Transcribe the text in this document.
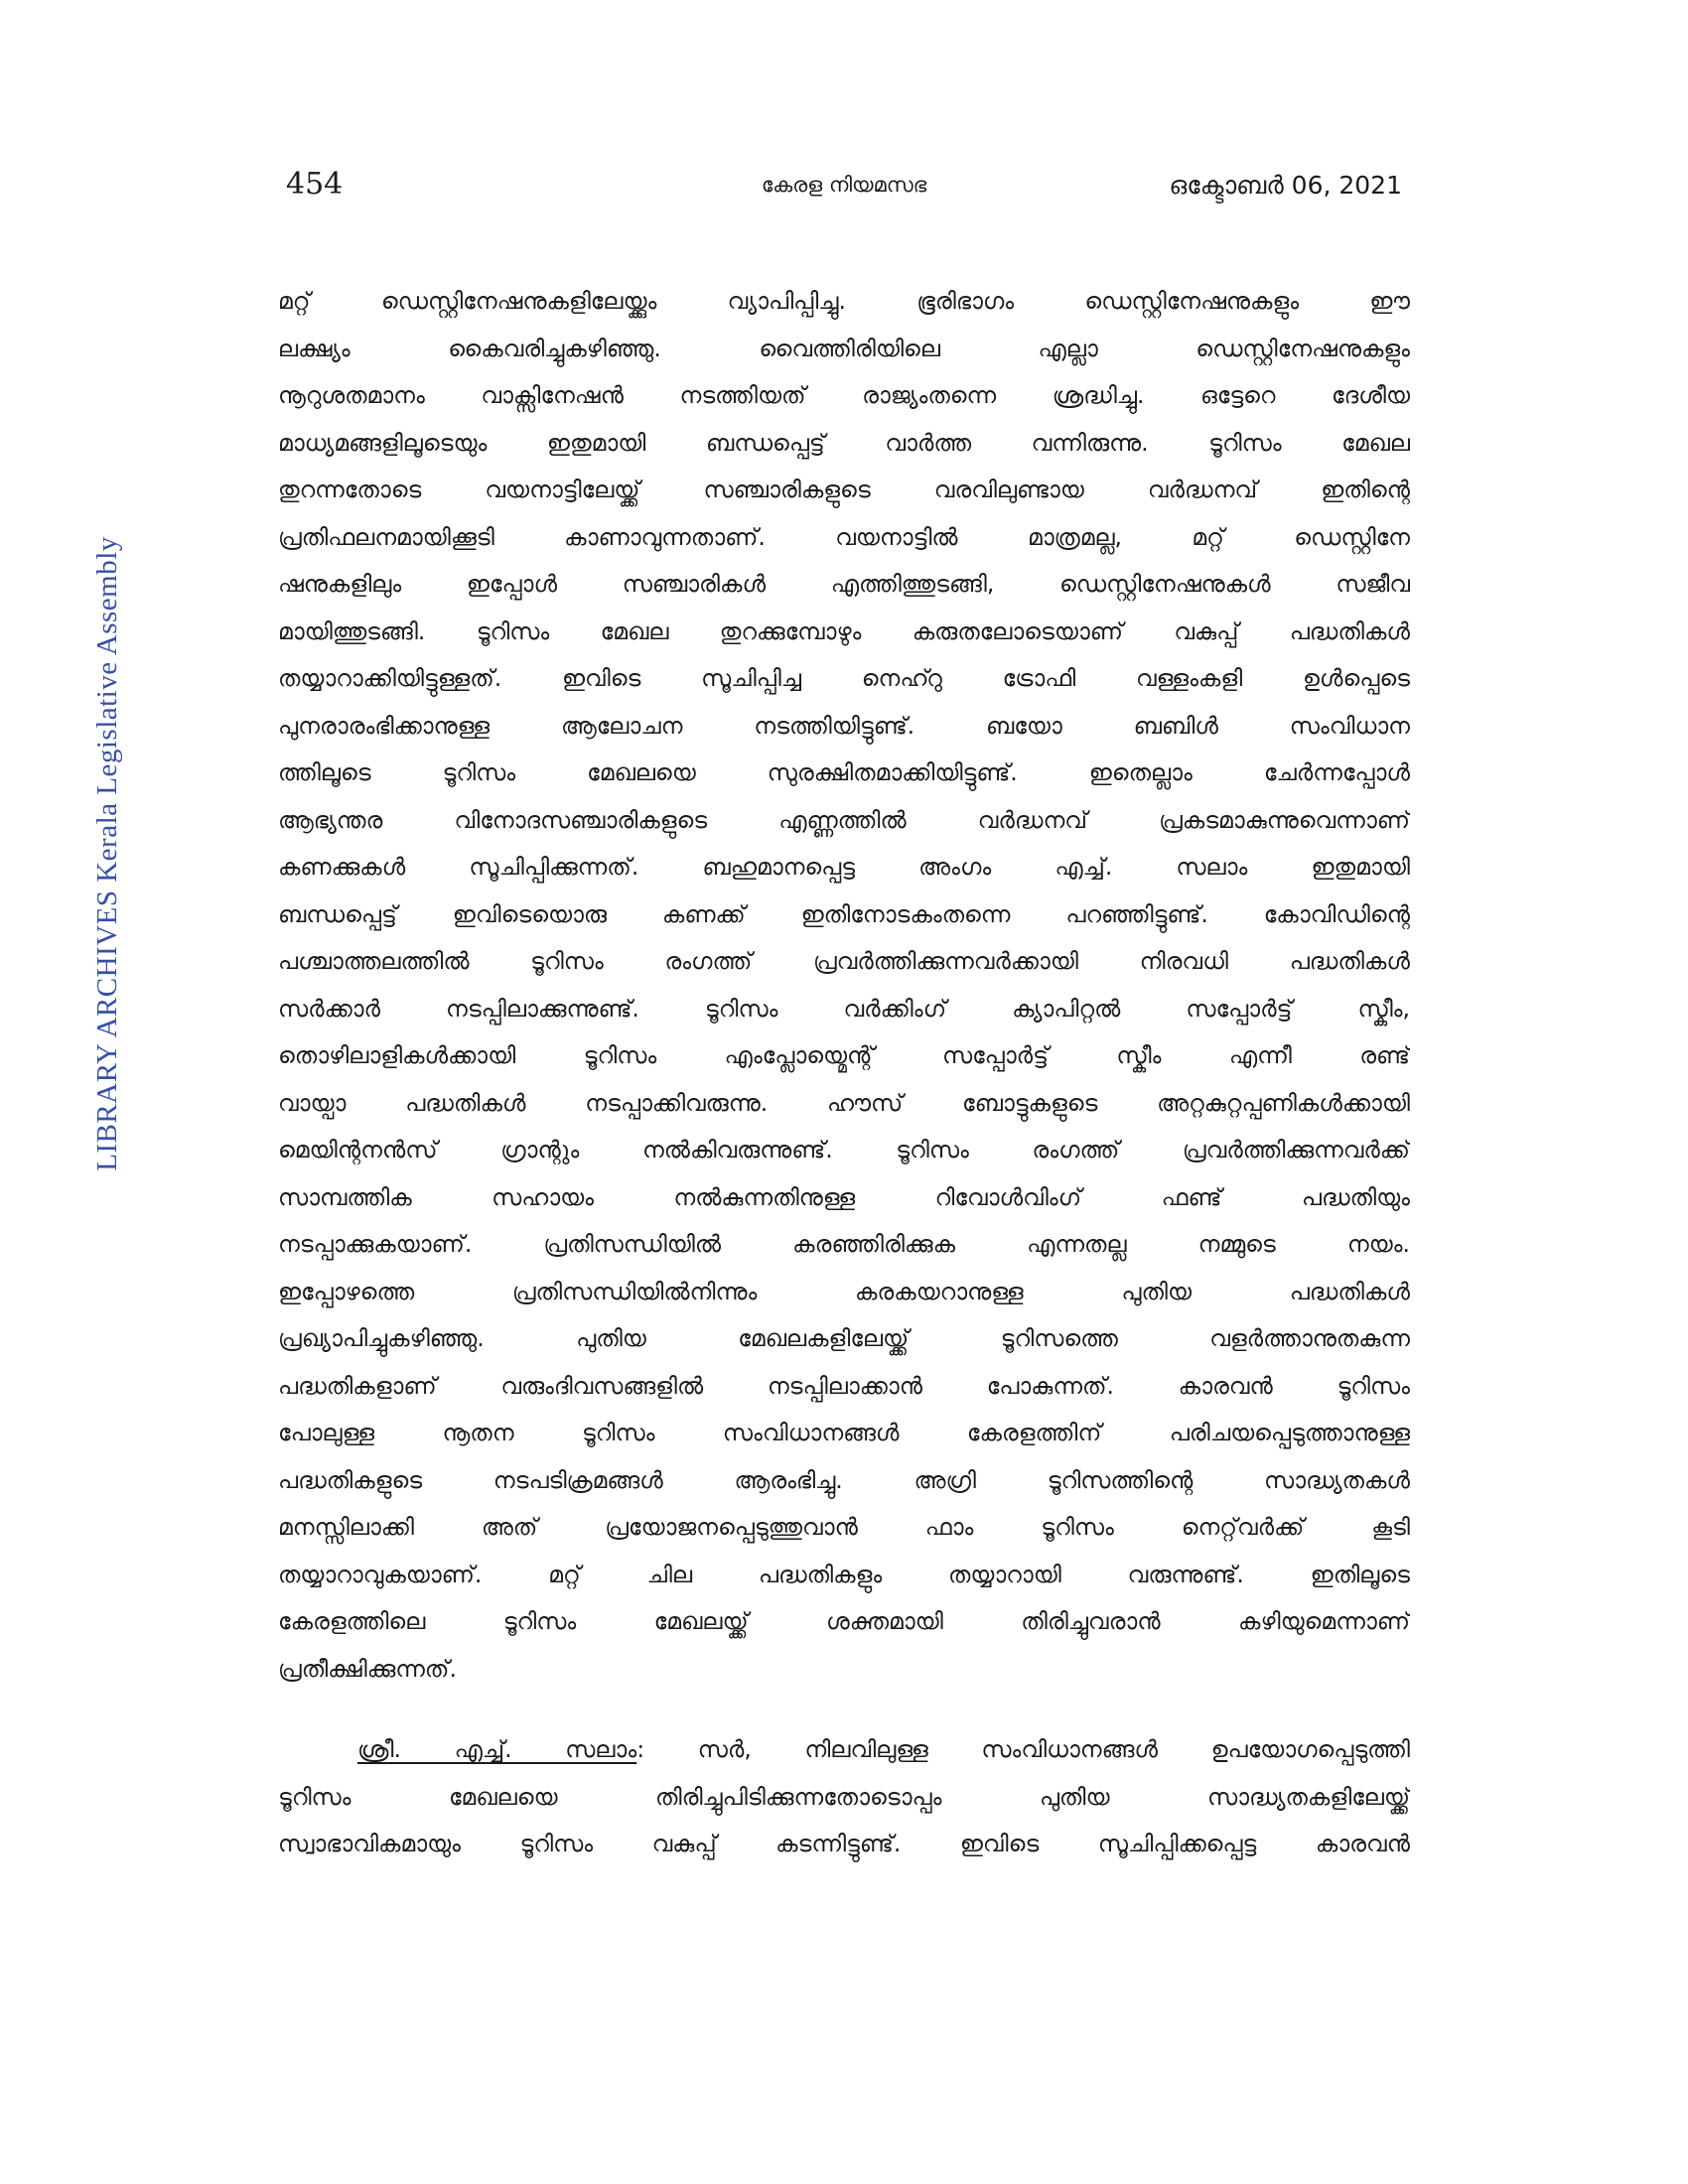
454	കേരള നിയമസഭ	ഒക്ടോബർ 06, 2021
LIBRARY ARCHIVES Kerala Legislative Assembly
മറ്റ് ഡെസ്റ്റിനേഷനുകളിലേയ്ക്കും വ്യാപിപ്പിച്ചു. ഭൂരിഭാഗം ഡെസ്റ്റിനേഷനുകളും ഈ
ലക്ഷ്യം കൈവരിച്ചുകഴിഞ്ഞു. വൈത്തിരിയിലെ എല്ലാ ഡെസ്റ്റിനേഷനുകളും
നൂറുശതമാനം വാക്സിനേഷൻ നടത്തിയത് രാജ്യംതന്നെ ശ്രദ്ധിച്ചു. ഒട്ടേറെ ദേശീയ
മാധ്യമങ്ങളിലൂടെയും ഇതുമായി ബന്ധപ്പെട്ട് വാർത്ത വന്നിരുന്നു. ടൂറിസം മേഖല
തുറന്നതോടെ വയനാട്ടിലേയ്ക്ക് സഞ്ചാരികളുടെ വരവിലുണ്ടായ വർദ്ധനവ് ഇതിന്റെ
പ്രതിഫലനമായിക്കൂടി കാണാവുന്നതാണ്. വയനാട്ടിൽ മാത്രമല്ല, മറ്റ് ഡെസ്റ്റിനേ
ഷനുകളിലും ഇപ്പോൾ സഞ്ചാരികൾ എത്തിത്തുടങ്ങി, ഡെസ്റ്റിനേഷനുകൾ സജീവ
മായിത്തുടങ്ങി. ടൂറിസം മേഖല തുറക്കുമ്പോഴും കരുതലോടെയാണ് വകുപ്പ് പദ്ധതികൾ
തയ്യാറാക്കിയിട്ടുള്ളത്. ഇവിടെ സൂചിപ്പിച്ച നെഹ്റു ട്രോഫി വള്ളംകളി ഉൾപ്പെടെ
പുനരാരംഭിക്കാനുള്ള ആലോചന നടത്തിയിട്ടുണ്ട്. ബയോ ബബിൾ സംവിധാന
ത്തിലൂടെ ടൂറിസം മേഖലയെ സുരക്ഷിതമാക്കിയിട്ടുണ്ട്. ഇതെല്ലാം ചേർന്നപ്പോൾ
ആഭ്യന്തര വിനോദസഞ്ചാരികളുടെ എണ്ണത്തിൽ വർദ്ധനവ് പ്രകടമാകുന്നുവെന്നാണ്
കണക്കുകൾ സൂചിപ്പിക്കുന്നത്. ബഹുമാനപ്പെട്ട അംഗം എച്ച്. സലാം ഇതുമായി
ബന്ധപ്പെട്ട് ഇവിടെയൊരു കണക്ക് ഇതിനോടകംതന്നെ പറഞ്ഞിട്ടുണ്ട്. കോവിഡിന്റെ
പശ്ചാത്തലത്തിൽ ടൂറിസം രംഗത്ത് പ്രവർത്തിക്കുന്നവർക്കായി നിരവധി പദ്ധതികൾ
സർക്കാർ നടപ്പിലാക്കുന്നുണ്ട്. ടൂറിസം വർക്കിംഗ് ക്യാപിറ്റൽ സപ്പോർട്ട് സ്കീം,
തൊഴിലാളികൾക്കായി ടൂറിസം എംപ്ലോയ്മെന്റ് സപ്പോർട്ട് സ്കീം എന്നീ രണ്ട്
വായ്പാ പദ്ധതികൾ നടപ്പാക്കിവരുന്നു. ഹൗസ് ബോട്ടുകളുടെ അറ്റകുറ്റപ്പണികൾക്കായി
മെയിന്റനൻസ് ഗ്രാന്റും നൽകിവരുന്നുണ്ട്. ടൂറിസം രംഗത്ത് പ്രവർത്തിക്കുന്നവർക്ക്
സാമ്പത്തിക സഹായം നൽകുന്നതിനുള്ള റിവോൾവിംഗ് ഫണ്ട് പദ്ധതിയും
നടപ്പാക്കുകയാണ്. പ്രതിസന്ധിയിൽ കരഞ്ഞിരിക്കുക എന്നതല്ല നമ്മുടെ നയം.
ഇപ്പോഴത്തെ പ്രതിസന്ധിയിൽനിന്നും കരകയറാനുള്ള പുതിയ പദ്ധതികൾ
പ്രഖ്യാപിച്ചുകഴിഞ്ഞു. പുതിയ മേഖലകളിലേയ്ക്ക് ടൂറിസത്തെ വളർത്താനുതകുന്ന
പദ്ധതികളാണ് വരുംദിവസങ്ങളിൽ നടപ്പിലാക്കാൻ പോകുന്നത്. കാരവൻ ടൂറിസം
പോലുള്ള നൂതന ടൂറിസം സംവിധാനങ്ങൾ കേരളത്തിന് പരിചയപ്പെടുത്താനുള്ള
പദ്ധതികളുടെ നടപടിക്രമങ്ങൾ ആരംഭിച്ചു. അഗ്രി ടൂറിസത്തിന്റെ സാദ്ധ്യതകൾ
മനസ്സിലാക്കി അത് പ്രയോജനപ്പെടുത്തുവാൻ ഫാം ടൂറിസം നെറ്റ്‌വർക്ക് കൂടി
തയ്യാറാവുകയാണ്. മറ്റ് ചില പദ്ധതികളും തയ്യാറായി വരുന്നുണ്ട്. ഇതിലൂടെ
കേരളത്തിലെ ടൂറിസം മേഖലയ്ക്ക് ശക്തമായി തിരിച്ചുവരാൻ കഴിയുമെന്നാണ്
പ്രതീക്ഷിക്കുന്നത്.
ശ്രീ. എച്ച്. സലാം: സർ, നിലവിലുള്ള സംവിധാനങ്ങൾ ഉപയോഗപ്പെടുത്തി
ടൂറിസം മേഖലയെ തിരിച്ചുപിടിക്കുന്നതോടൊപ്പം പുതിയ സാദ്ധ്യതകളിലേയ്ക്ക്
സ്വാഭാവികമായും ടൂറിസം വകുപ്പ് കടന്നിട്ടുണ്ട്. ഇവിടെ സൂചിപ്പിക്കപ്പെട്ട കാരവൻ
